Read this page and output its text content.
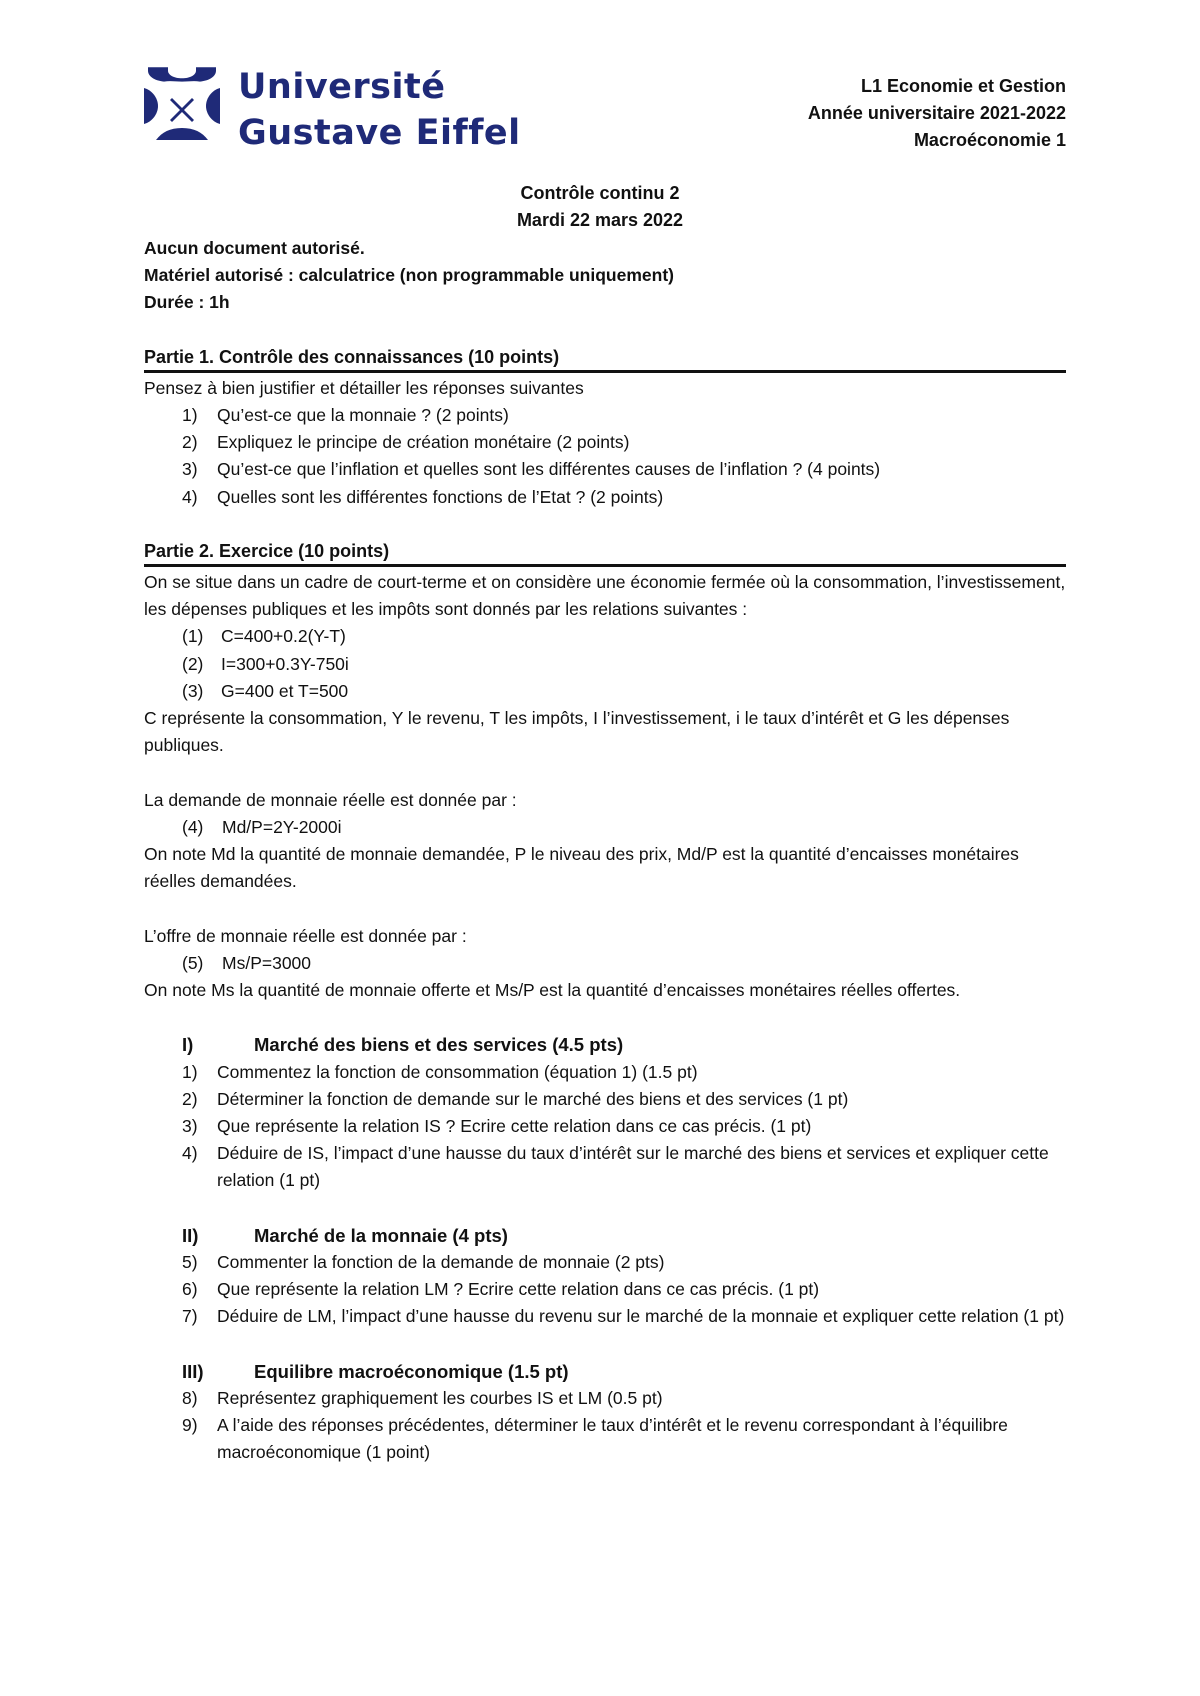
Université
Gustave Eiffel
L1 Economie et Gestion
Année universitaire 2021-2022
Macroéconomie 1
Contrôle continu 2
Mardi 22 mars 2022
Aucun document autorisé.
Matériel autorisé : calculatrice (non programmable uniquement)
Durée : 1h
Partie 1. Contrôle des connaissances (10 points)
Pensez à bien justifier et détailler les réponses suivantes
1) Qu’est-ce que la monnaie ? (2 points)
2) Expliquez le principe de création monétaire (2 points)
3) Qu’est-ce que l’inflation et quelles sont les différentes causes de l’inflation ? (4 points)
4) Quelles sont les différentes fonctions de l’Etat ? (2 points)
Partie 2. Exercice (10 points)
On se situe dans un cadre de court-terme et on considère une économie fermée où la consommation, l’investissement, les dépenses publiques et les impôts sont donnés par les relations suivantes :
(1) C=400+0.2(Y-T)
(2) I=300+0.3Y-750i
(3) G=400 et T=500
C représente la consommation, Y le revenu, T les impôts, I l’investissement, i le taux d’intérêt et G les dépenses publiques.
La demande de monnaie réelle est donnée par :
(4) Md/P=2Y-2000i
On note Md la quantité de monnaie demandée, P le niveau des prix, Md/P est la quantité d’encaisses monétaires réelles demandées.
L’offre de monnaie réelle est donnée par :
(5) Ms/P=3000
On note Ms la quantité de monnaie offerte et Ms/P est la quantité d’encaisses monétaires réelles offertes.
I)	Marché des biens et des services (4.5 pts)
1) Commentez la fonction de consommation (équation 1) (1.5 pt)
2) Déterminer la fonction de demande sur le marché des biens et des services (1 pt)
3) Que représente la relation IS ? Ecrire cette relation dans ce cas précis. (1 pt)
4) Déduire de IS, l’impact d’une hausse du taux d’intérêt sur le marché des biens et services et expliquer cette relation (1 pt)
II)	Marché de la monnaie (4 pts)
5) Commenter la fonction de la demande de monnaie (2 pts)
6) Que représente la relation LM ? Ecrire cette relation dans ce cas précis. (1 pt)
7) Déduire de LM, l’impact d’une hausse du revenu sur le marché de la monnaie et expliquer cette relation (1 pt)
III)	Equilibre macroéconomique (1.5 pt)
8) Représentez graphiquement les courbes IS et LM (0.5 pt)
9) A l’aide des réponses précédentes, déterminer le taux d’intérêt et le revenu correspondant à l’équilibre macroéconomique (1 point)
